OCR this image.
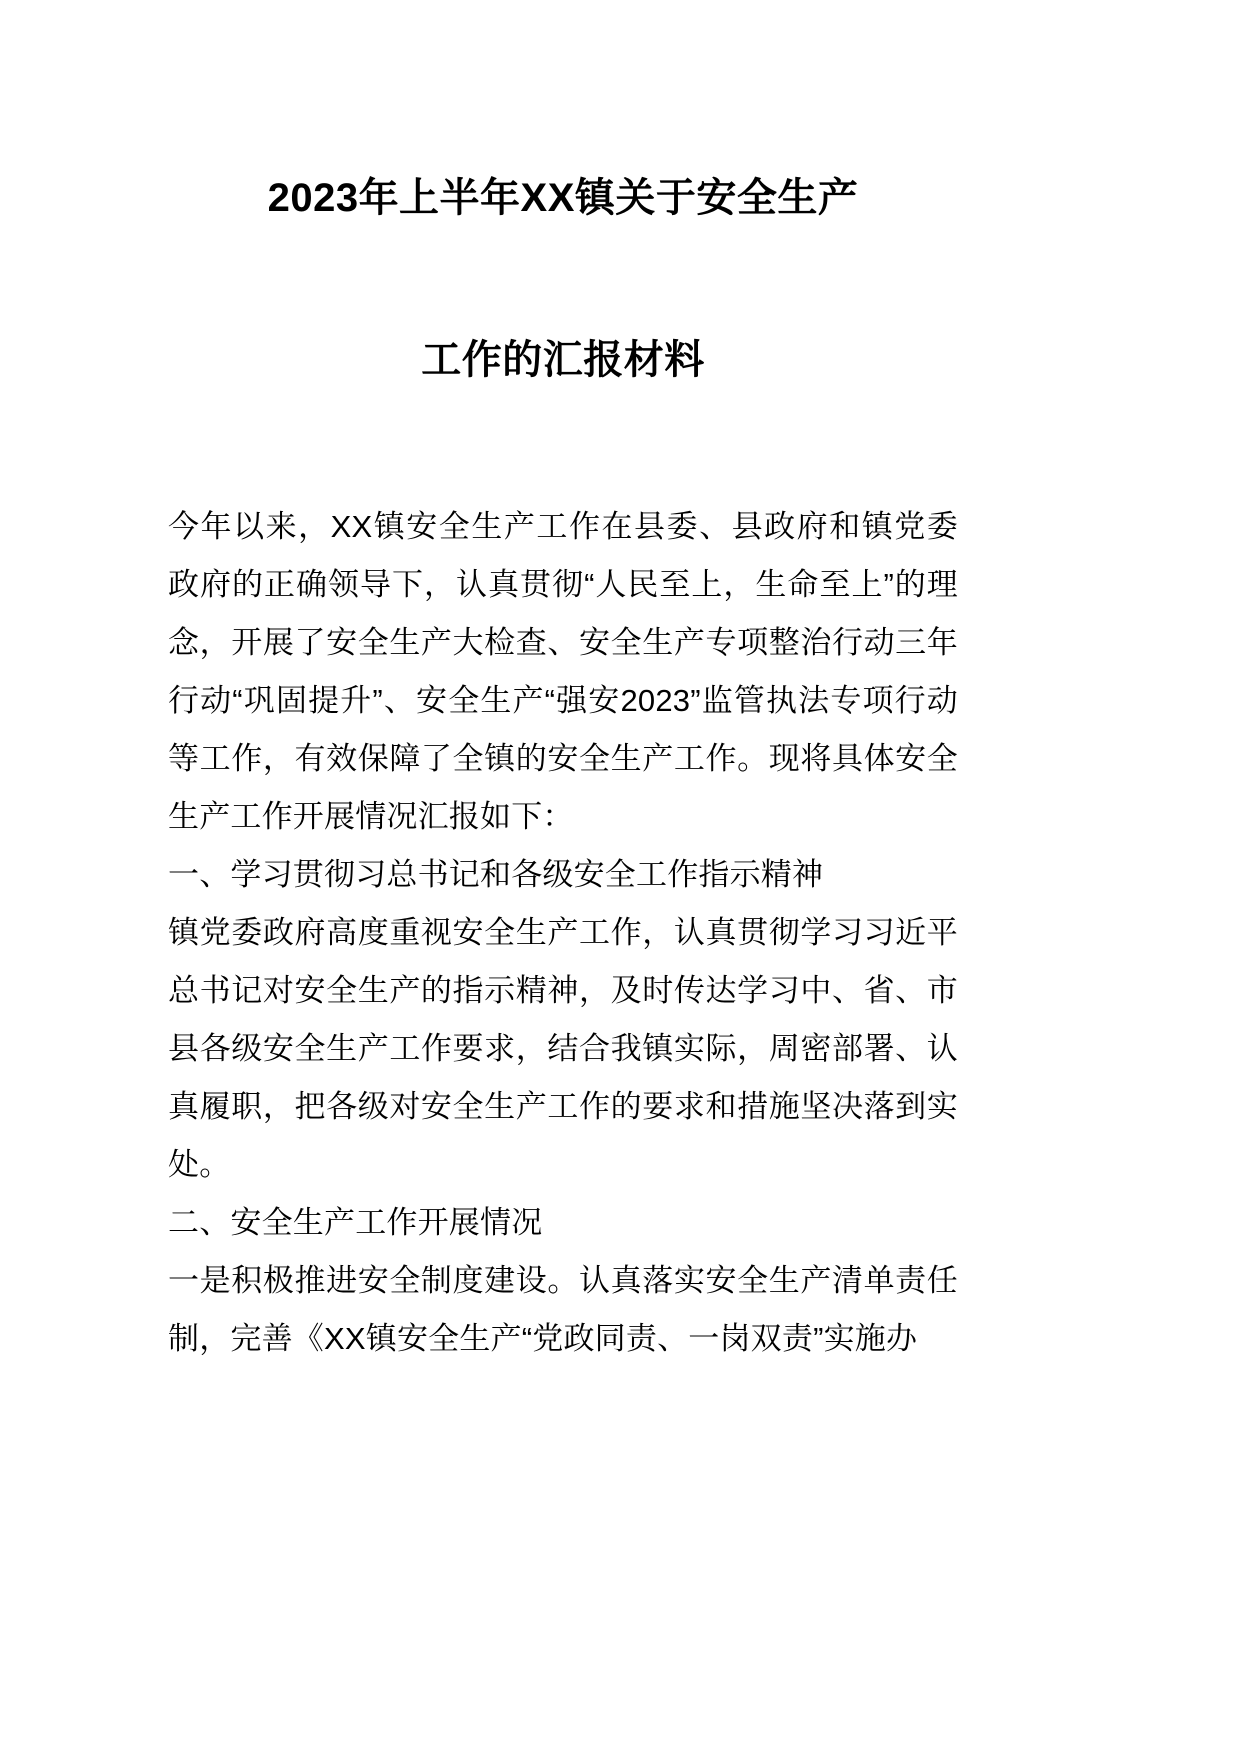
2023年上半年XX镇关于安全生产
工作的汇报材料

今年以来，XX镇安全生产工作在县委、县政府和镇党委政府的正确领导下，认真贯彻“人民至上，生命至上”的理念，开展了安全生产大检查、安全生产专项整治行动三年行动“巩固提升”、安全生产“强安2023”监管执法专项行动等工作，有效保障了全镇的安全生产工作。现将具体安全生产工作开展情况汇报如下：

一、学习贯彻习总书记和各级安全工作指示精神

镇党委政府高度重视安全生产工作，认真贯彻学习习近平总书记对安全生产的指示精神，及时传达学习中、省、市县各级安全生产工作要求，结合我镇实际，周密部署、认真履职，把各级对安全生产工作的要求和措施坚决落到实处。

二、安全生产工作开展情况

一是积极推进安全制度建设。认真落实安全生产清单责任制，完善《XX镇安全生产“党政同责、一岗双责”实施办
